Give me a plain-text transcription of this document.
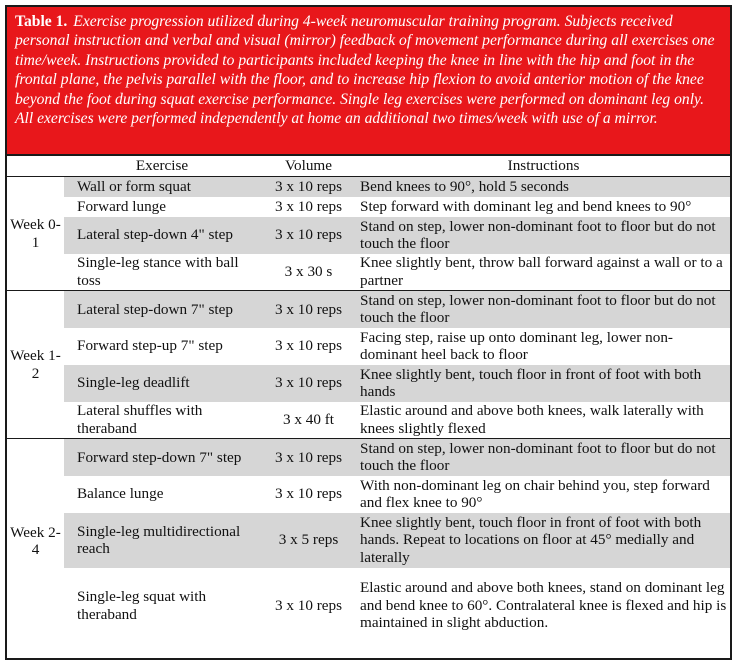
Table 1. Exercise progression utilized during 4-week neuromuscular training program. Subjects received personal instruction and verbal and visual (mirror) feedback of movement performance during all exercises one time/week. Instructions provided to participants included keeping the knee in line with the hip and foot in the frontal plane, the pelvis parallel with the floor, and to increase hip flexion to avoid anterior motion of the knee beyond the foot during squat exercise performance. Single leg exercises were performed on dominant leg only. All exercises were performed independently at home an additional two times/week with use of a mirror.
	Exercise	Volume	Instructions
Week 0-1	Wall or form squat	3 x 10 reps	Bend knees to 90°, hold 5 seconds
	Forward lunge	3 x 10 reps	Step forward with dominant leg and bend knees to 90°
	Lateral step-down 4" step	3 x 10 reps	Stand on step, lower non-dominant foot to floor but do not touch the floor
	Single-leg stance with ball toss	3 x 30 s	Knee slightly bent, throw ball forward against a wall or to a partner
Week 1-2	Lateral step-down 7" step	3 x 10 reps	Stand on step, lower non-dominant foot to floor but do not touch the floor
	Forward step-up 7" step	3 x 10 reps	Facing step, raise up onto dominant leg, lower non-dominant heel back to floor
	Single-leg deadlift	3 x 10 reps	Knee slightly bent, touch floor in front of foot with both hands
	Lateral shuffles with theraband	3 x 40 ft	Elastic around and above both knees, walk laterally with knees slightly flexed
Week 2-4	Forward step-down 7" step	3 x 10 reps	Stand on step, lower non-dominant foot to floor but do not touch the floor
	Balance lunge	3 x 10 reps	With non-dominant leg on chair behind you, step forward and flex knee to 90°
	Single-leg multidirectional reach	3 x 5 reps	Knee slightly bent, touch floor in front of foot with both hands. Repeat to locations on floor at 45° medially and laterally
	Single-leg squat with theraband	3 x 10 reps	Elastic around and above both knees, stand on dominant leg and bend knee to 60°. Contralateral knee is flexed and hip is maintained in slight abduction.
